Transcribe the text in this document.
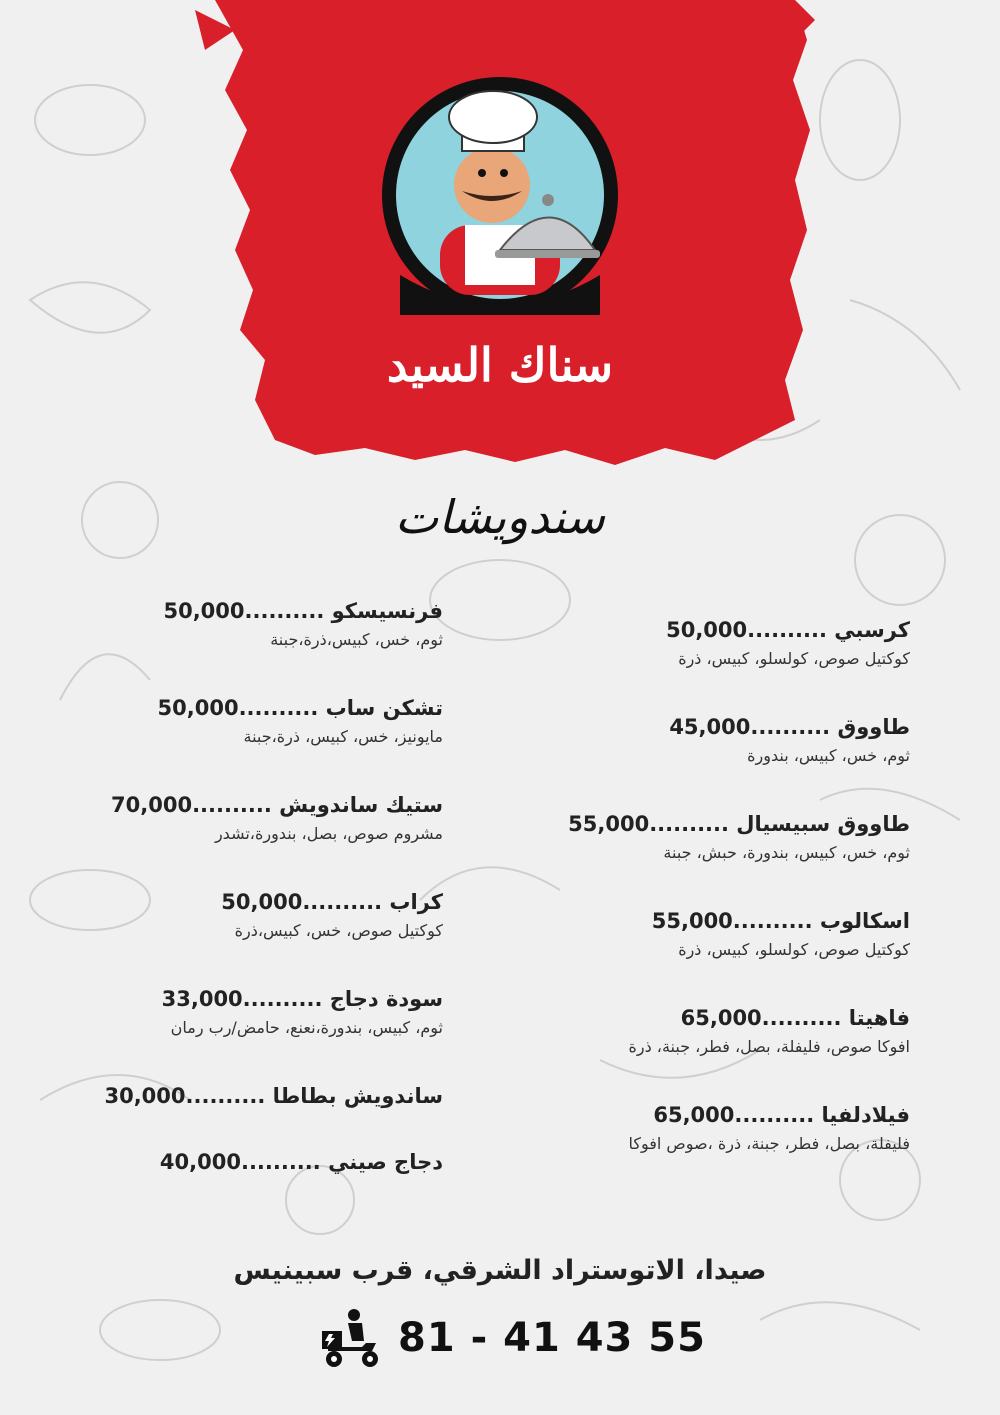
سناك السيد
سندويشات
كرسبي ..........50,000
كوكتيل صوص، كولسلو، كبيس، ذرة
طاووق ..........45,000
ثوم، خس، كبيس، بندورة
طاووق سبيسيال ..........55,000
ثوم، خس، كبيس، بندورة، حبش، جبنة
اسكالوب ..........55,000
كوكتيل صوص، كولسلو، كبيس، ذرة
فاهيتا ..........65,000
افوكا صوص، فليفلة، بصل، فطر، جبنة، ذرة
فيلادلفيا ..........65,000
فليفلة، بصل، فطر، جبنة، ذرة ،صوص افوكا
فرنسيسكو ..........50,000
ثوم، خس، كبيس،ذرة،جبنة
تشكن ساب ..........50,000
مايونيز، خس، كبيس، ذرة،جبنة
ستيك ساندويش ..........70,000
مشروم صوص، بصل، بندورة،تشدر
كراب ..........50,000
كوكتيل صوص، خس، كبيس،ذرة
سودة دجاج ..........33,000
ثوم، كبيس، بندورة،نعنع، حامض/رب رمان
ساندويش بطاطا ..........30,000
دجاج صيني ..........40,000
صيدا، الاتوستراد الشرقي، قرب سبينيس
81 - 41 43 55
